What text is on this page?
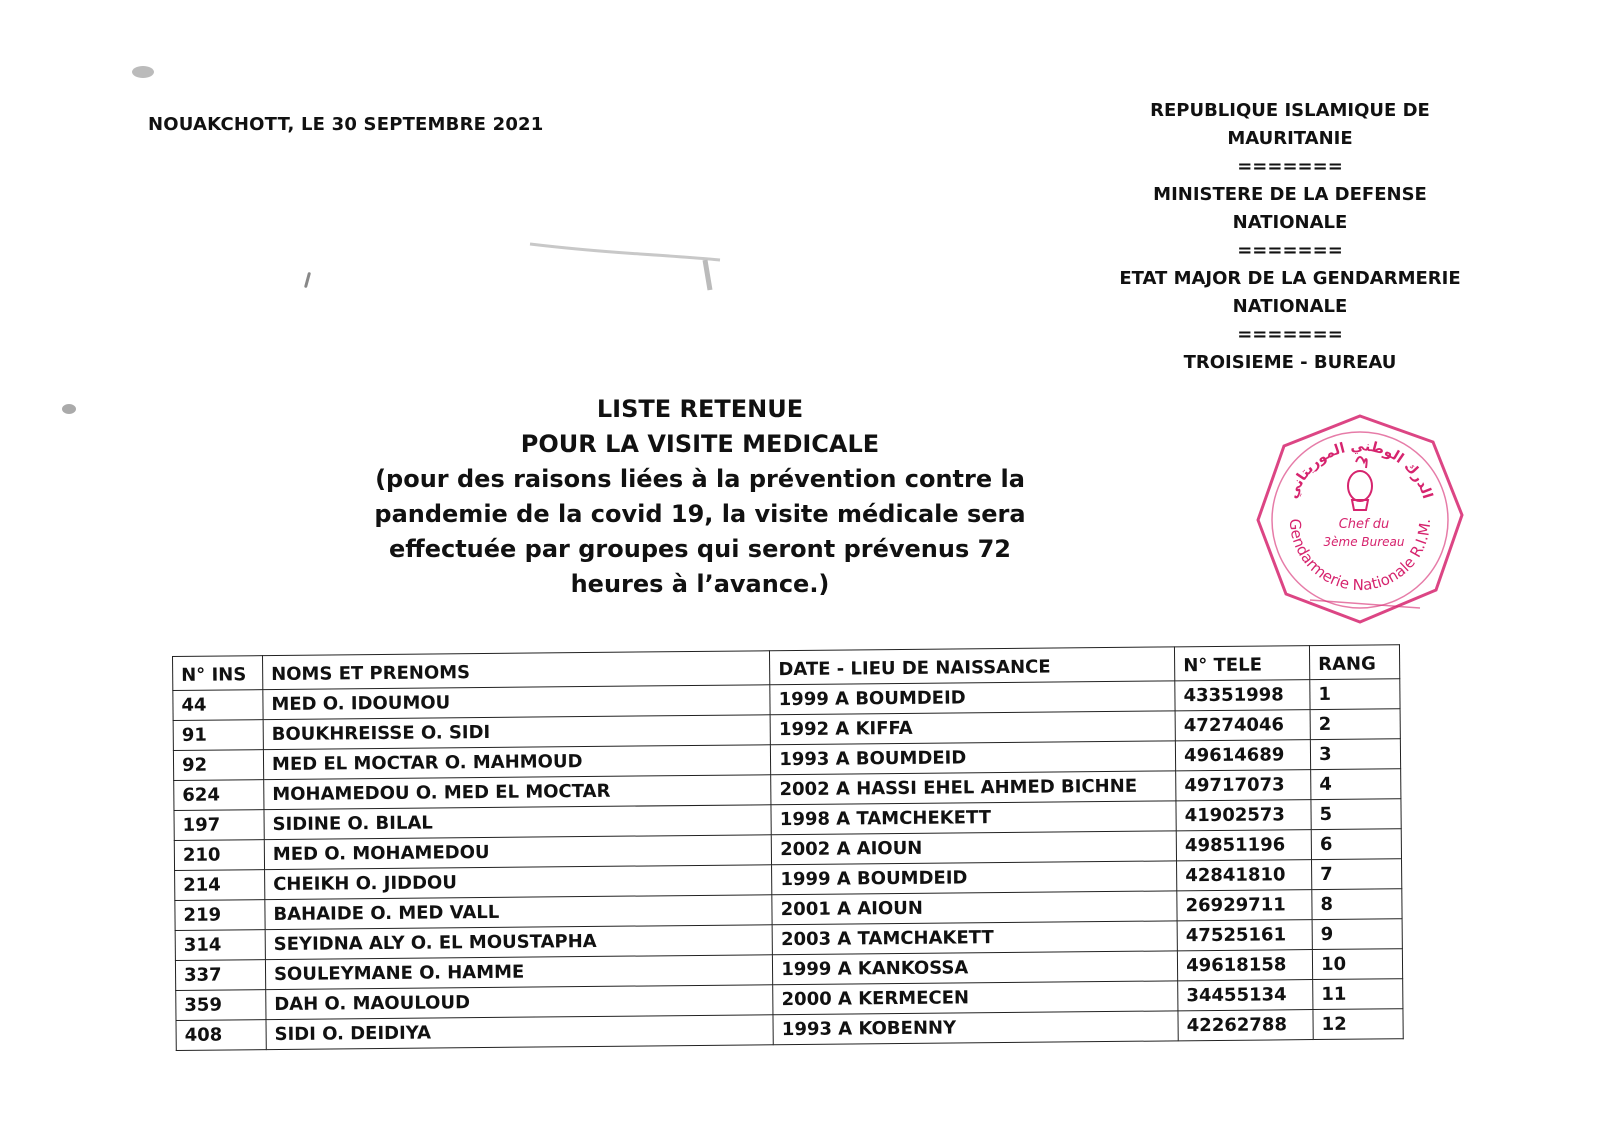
NOUAKCHOTT, LE 30 SEPTEMBRE 2021
REPUBLIQUE ISLAMIQUE DE
MAURITANIE
=======
MINISTERE DE LA DEFENSE
NATIONALE
=======
ETAT MAJOR DE LA GENDARMERIE
NATIONALE
=======
TROISIEME - BUREAU
LISTE RETENUE
POUR LA VISITE MEDICALE
(pour des raisons liées à la prévention contre la
pandemie de la covid 19, la visite médicale sera
effectuée par groupes qui seront prévenus 72
heures à l’avance.)
الدرك الوطني الموريتاني
Gendarmerie Nationale R.I.M.
Chef du
3ème Bureau
N° INS	NOMS ET PRENOMS	DATE - LIEU DE NAISSANCE	N° TELE	RANG
44	MED O. IDOUMOU	1999 A BOUMDEID	43351998	1
91	BOUKHREISSE O. SIDI	1992 A KIFFA	47274046	2
92	MED EL MOCTAR O. MAHMOUD	1993 A BOUMDEID	49614689	3
624	MOHAMEDOU O. MED EL MOCTAR	2002 A HASSI EHEL AHMED BICHNE	49717073	4
197	SIDINE O. BILAL	1998 A TAMCHEKETT	41902573	5
210	MED O. MOHAMEDOU	2002 A AIOUN	49851196	6
214	CHEIKH O. JIDDOU	1999 A BOUMDEID	42841810	7
219	BAHAIDE O. MED VALL	2001 A AIOUN	26929711	8
314	SEYIDNA ALY O. EL MOUSTAPHA	2003 A TAMCHAKETT	47525161	9
337	SOULEYMANE O. HAMME	1999 A KANKOSSA	49618158	10
359	DAH O. MAOULOUD	2000 A KERMECEN	34455134	11
408	SIDI O. DEIDIYA	1993 A KOBENNY	42262788	12
